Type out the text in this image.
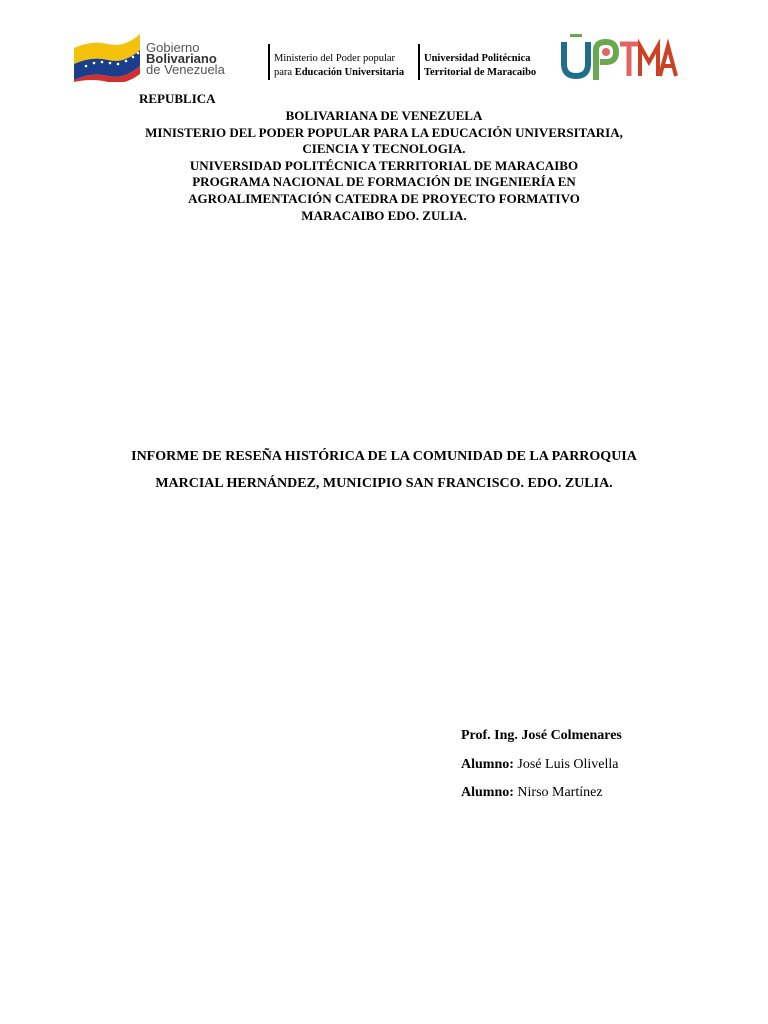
Gobierno
Bolivariano
de Venezuela
Ministerio del Poder popular
para Educación Universitaria
Universidad Politécnica
Territorial de Maracaibo
REPUBLICA
BOLIVARIANA DE VENEZUELA
MINISTERIO DEL PODER POPULAR PARA LA EDUCACIÓN UNIVERSITARIA,
CIENCIA Y TECNOLOGIA.
UNIVERSIDAD POLITÉCNICA TERRITORIAL DE MARACAIBO
PROGRAMA NACIONAL DE FORMACIÓN DE INGENIERÍA EN
AGROALIMENTACIÓN CATEDRA DE PROYECTO FORMATIVO
MARACAIBO EDO. ZULIA.
INFORME DE RESEÑA HISTÓRICA DE LA COMUNIDAD DE LA PARROQUIA
MARCIAL HERNÁNDEZ, MUNICIPIO SAN FRANCISCO. EDO. ZULIA.
Prof. Ing. José Colmenares
Alumno: José Luis Olivella
Alumno: Nirso Martínez
